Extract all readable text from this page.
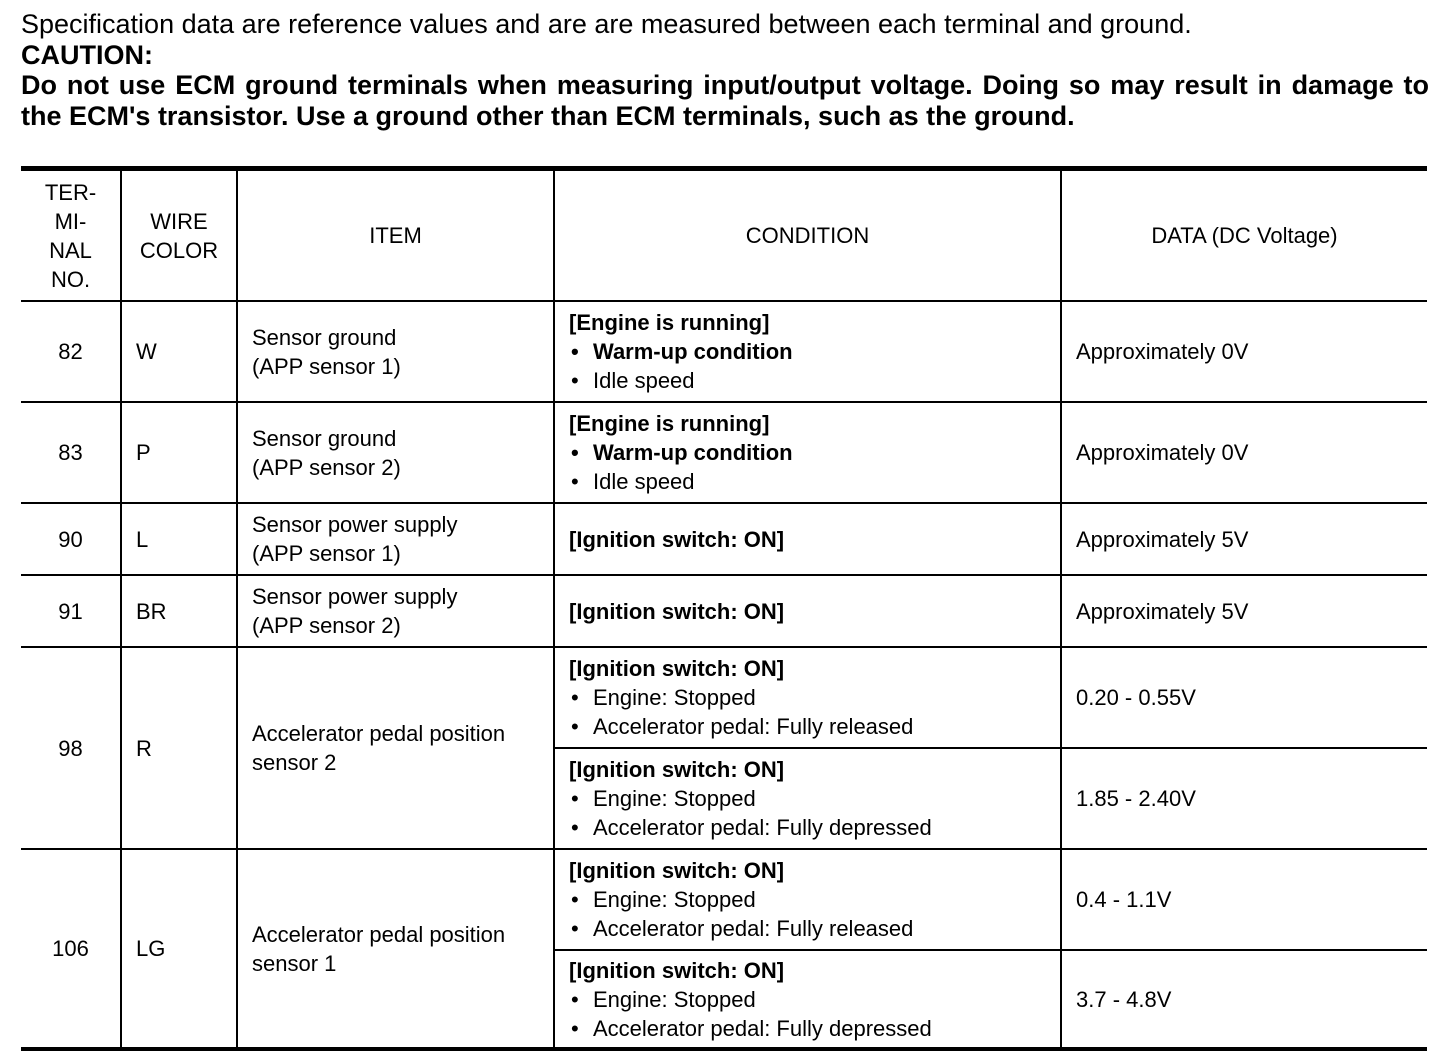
Specification data are reference values and are are measured between each terminal and ground.
CAUTION:
Do not use ECM ground terminals when measuring input/output voltage. Doing so may result in damage to the ECM's transistor. Use a ground other than ECM terminals, such as the ground.
TER- MI- NAL NO.	WIRE COLOR	ITEM	CONDITION	DATA (DC Voltage)
82	W	Sensor ground (APP sensor 1)	[Engine is running]
• Warm-up condition
• Idle speed	Approximately 0V
83	P	Sensor ground (APP sensor 2)	[Engine is running]
• Warm-up condition
• Idle speed	Approximately 0V
90	L	Sensor power supply (APP sensor 1)	[Ignition switch: ON]	Approximately 5V
91	BR	Sensor power supply (APP sensor 2)	[Ignition switch: ON]	Approximately 5V
98	R	Accelerator pedal position sensor 2	[Ignition switch: ON]
• Engine: Stopped
• Accelerator pedal: Fully released	0.20 - 0.55V
			[Ignition switch: ON]
• Engine: Stopped
• Accelerator pedal: Fully depressed	1.85 - 2.40V
106	LG	Accelerator pedal position sensor 1	[Ignition switch: ON]
• Engine: Stopped
• Accelerator pedal: Fully released	0.4 - 1.1V
			[Ignition switch: ON]
• Engine: Stopped
• Accelerator pedal: Fully depressed	3.7 - 4.8V
